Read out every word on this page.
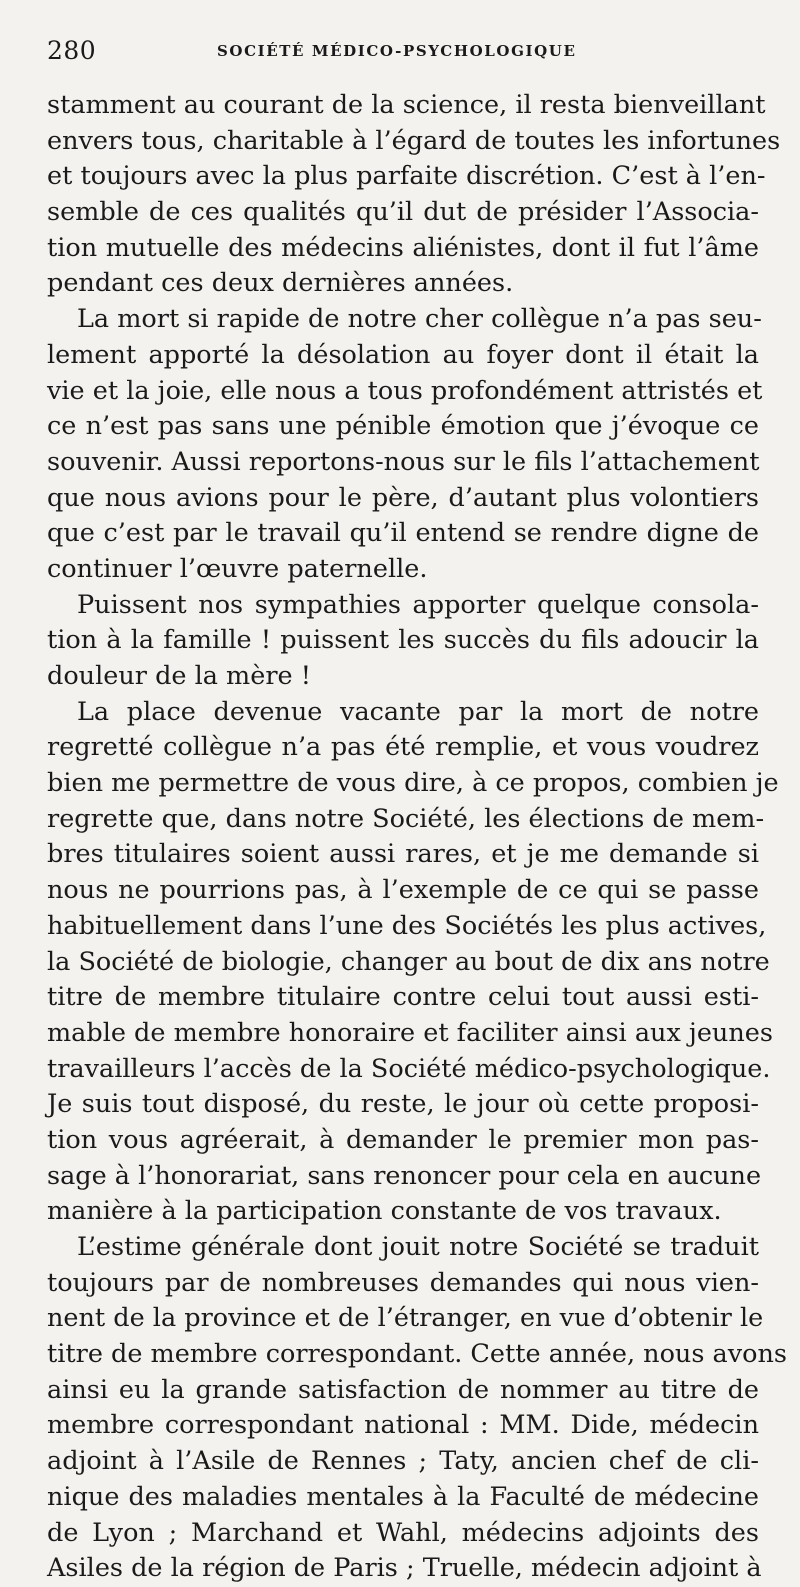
280	SOCIÉTÉ MÉDICO-PSYCHOLOGIQUE
stamment au courant de la science, il resta bienveillant
envers tous, charitable à l’égard de toutes les infortunes
et toujours avec la plus parfaite discrétion. C’est à l’en-
semble de ces qualités qu’il dut de présider l’Associa-
tion mutuelle des médecins aliénistes, dont il fut l’âme
pendant ces deux dernières années.
La mort si rapide de notre cher collègue n’a pas seu-
lement apporté la désolation au foyer dont il était la
vie et la joie, elle nous a tous profondément attristés et
ce n’est pas sans une pénible émotion que j’évoque ce
souvenir. Aussi reportons-nous sur le fils l’attachement
que nous avions pour le père, d’autant plus volontiers
que c’est par le travail qu’il entend se rendre digne de
continuer l’œuvre paternelle.
Puissent nos sympathies apporter quelque consola-
tion à la famille ! puissent les succès du fils adoucir la
douleur de la mère !
La place devenue vacante par la mort de notre
regretté collègue n’a pas été remplie, et vous voudrez
bien me permettre de vous dire, à ce propos, combien je
regrette que, dans notre Société, les élections de mem-
bres titulaires soient aussi rares, et je me demande si
nous ne pourrions pas, à l’exemple de ce qui se passe
habituellement dans l’une des Sociétés les plus actives,
la Société de biologie, changer au bout de dix ans notre
titre de membre titulaire contre celui tout aussi esti-
mable de membre honoraire et faciliter ainsi aux jeunes
travailleurs l’accès de la Société médico-psychologique.
Je suis tout disposé, du reste, le jour où cette proposi-
tion vous agréerait, à demander le premier mon pas-
sage à l’honorariat, sans renoncer pour cela en aucune
manière à la participation constante de vos travaux.
L’estime générale dont jouit notre Société se traduit
toujours par de nombreuses demandes qui nous vien-
nent de la province et de l’étranger, en vue d’obtenir le
titre de membre correspondant. Cette année, nous avons
ainsi eu la grande satisfaction de nommer au titre de
membre correspondant national : MM. Dide, médecin
adjoint à l’Asile de Rennes ; Taty, ancien chef de cli-
nique des maladies mentales à la Faculté de médecine
de Lyon ; Marchand et Wahl, médecins adjoints des
Asiles de la région de Paris ; Truelle, médecin adjoint à
